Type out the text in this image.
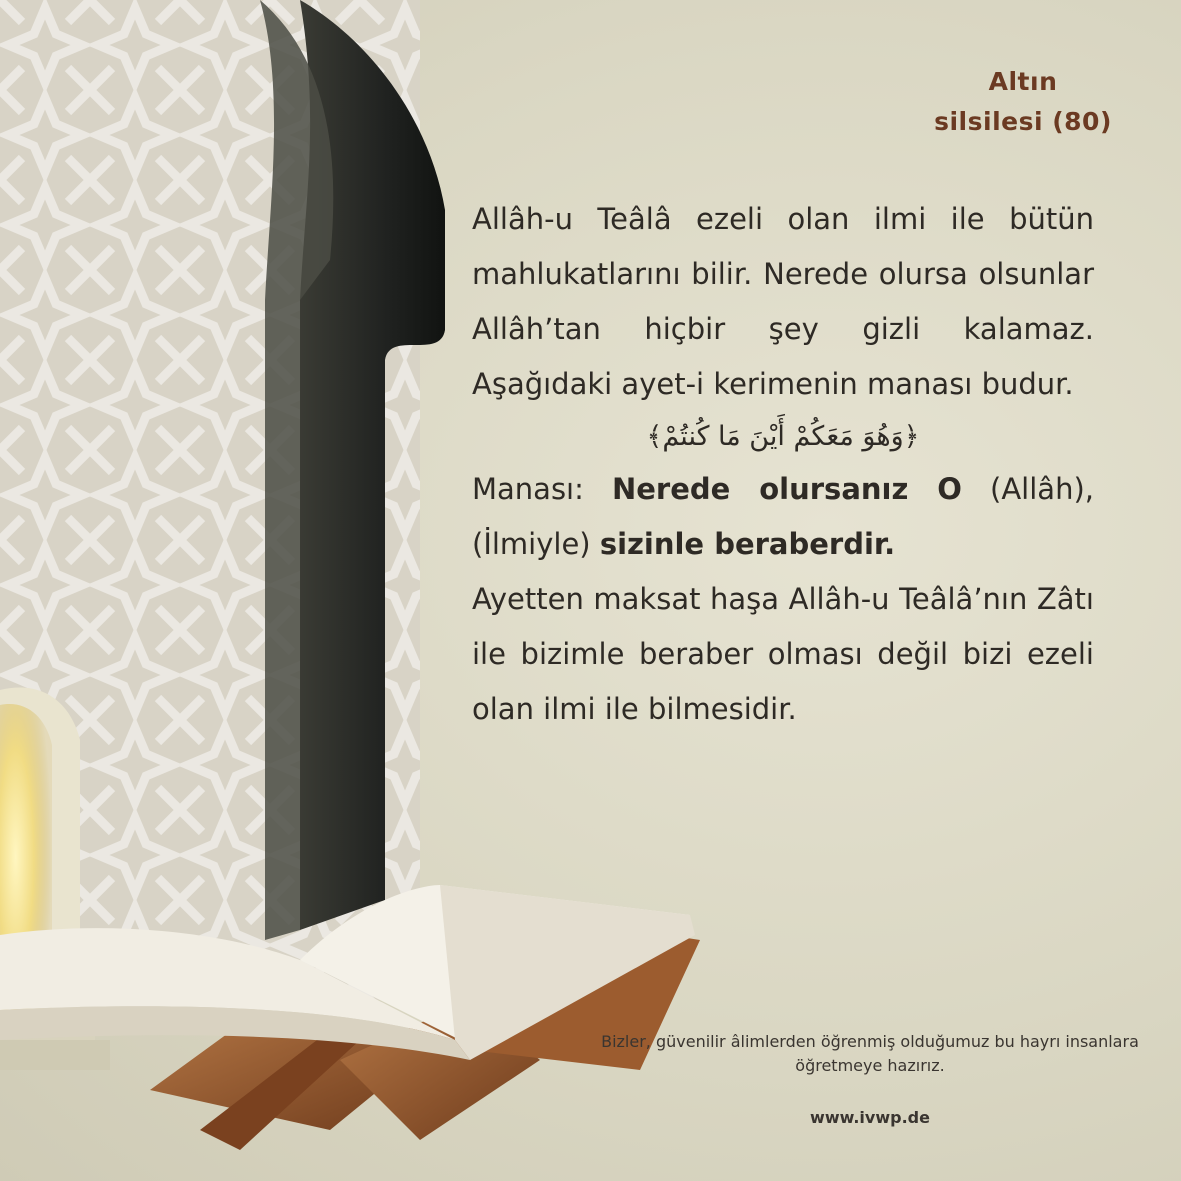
Altın
silsilesi (80)

Allâh-u Teâlâ ezeli olan ilmi ile bütün mahlukatlarını bilir. Nerede olursa olsunlar Allâh’tan hiçbir şey gizli kalamaz. Aşağıdaki ayet-i kerimenin manası budur.

﴿وَهُوَ مَعَكُمْ أَيْنَ مَا كُنتُمْ﴾

Manası: Nerede olursanız O (Allâh), (İlmiyle) sizinle beraberdir.

Ayetten maksat haşa Allâh-u Teâlâ’nın Zâtı ile bizimle beraber olması değil bizi ezeli olan ilmi ile bilmesidir.

Bizler, güvenilir âlimlerden öğrenmiş olduğumuz bu hayrı insanlara öğretmeye hazırız.
www.ivwp.de
